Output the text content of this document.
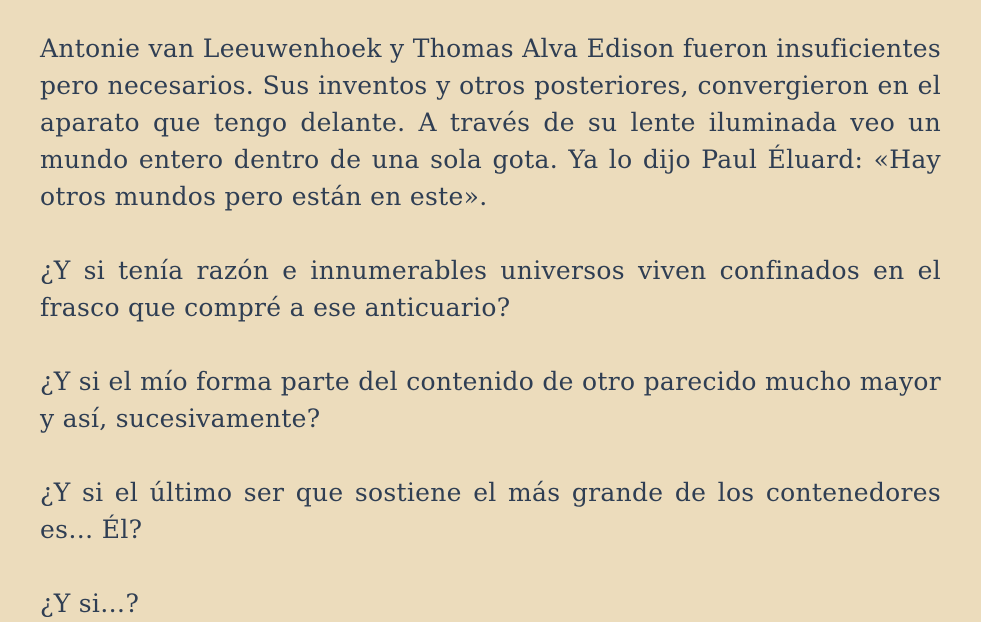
Antonie van Leeuwenhoek y Thomas Alva Edison fueron insuficientes pero necesarios. Sus inventos y otros posteriores, convergieron en el aparato que tengo delante. A través de su lente iluminada veo un mundo entero dentro de una sola gota. Ya lo dijo Paul Éluard: «Hay otros mundos pero están en este».

¿Y si tenía razón e innumerables universos viven confinados en el frasco que compré a ese anticuario?

¿Y si el mío forma parte del contenido de otro parecido mucho mayor y así, sucesivamente?

¿Y si el último ser que sostiene el más grande de los contenedores es… Él?

¿Y si…?
